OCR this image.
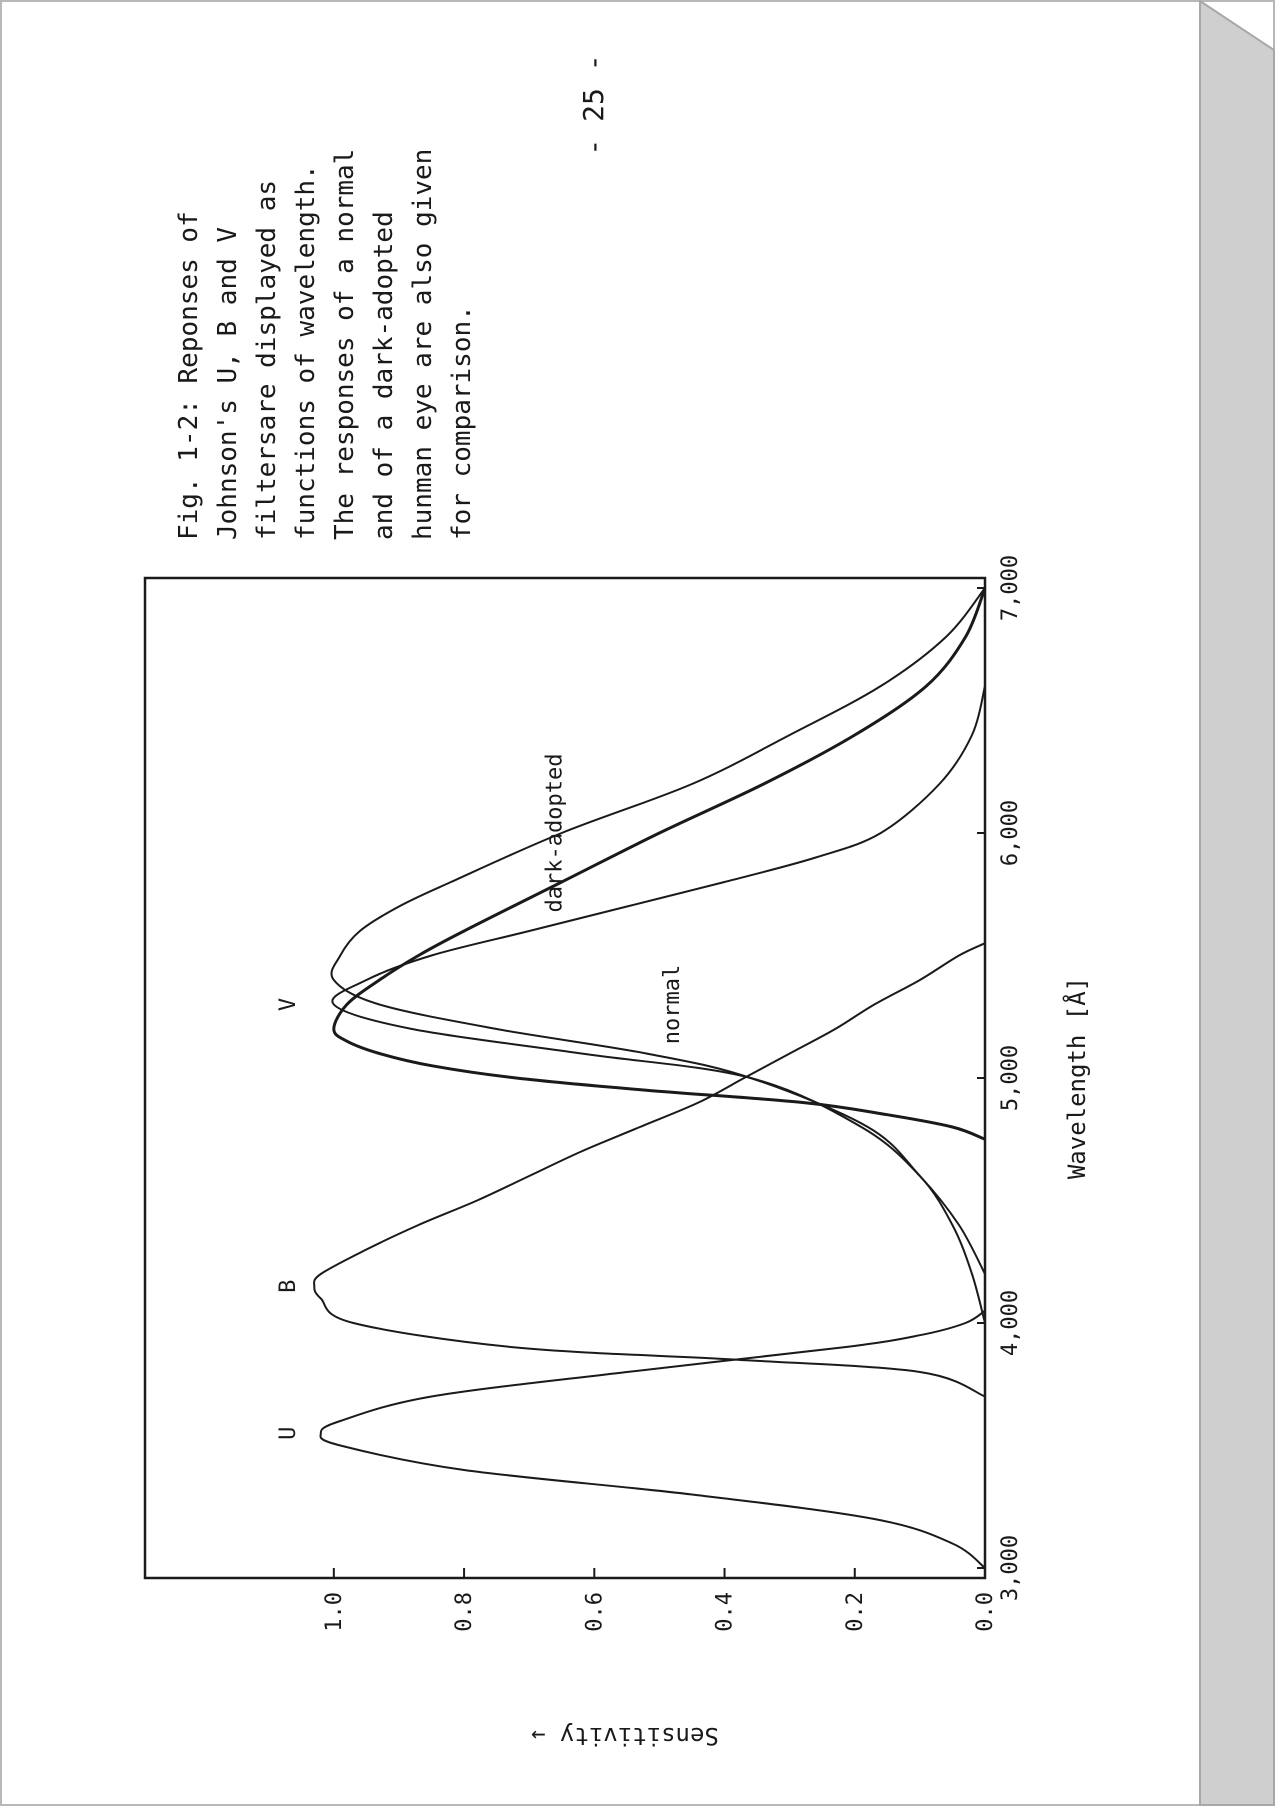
Fig. 1-2: Reponses of Johnson's U, B and V filtersare displayed as functions of wavelength. The responses of a normal and of a dark-adopted hunman eye are also given for comparison.
- 25 -
3,000
4,000
5,000
6,000
7,000
0.0
0.2
0.4
0.6
0.8
1.0
U
B
V	normal
dark-adopted
Wavelength [Å]
Sensitivity →
